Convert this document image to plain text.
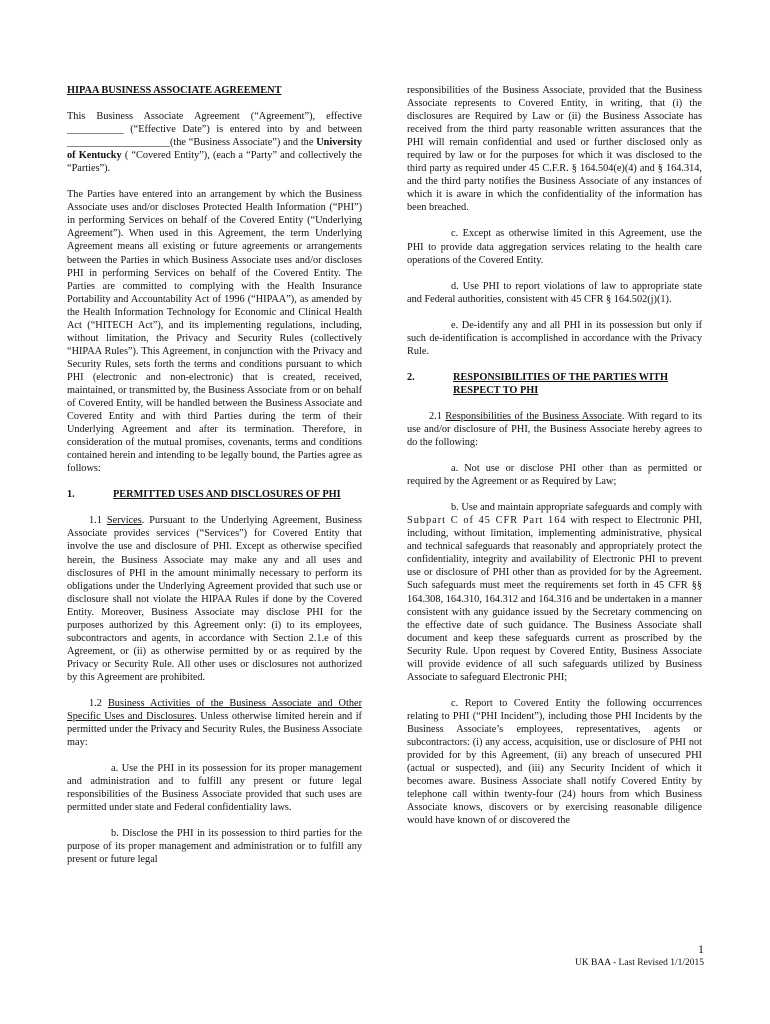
HIPAA BUSINESS ASSOCIATE AGREEMENT

This Business Associate Agreement (“Agreement”), effective ___________ (“Effective Date”) is entered into by and between ____________________(the “Business Associate”) and the University of Kentucky ( “Covered Entity”), (each a “Party” and collectively the “Parties”).

The Parties have entered into an arrangement by which the Business Associate uses and/or discloses Protected Health Information (“PHI”) in performing Services on behalf of the Covered Entity (“Underlying Agreement”). When used in this Agreement, the term Underlying Agreement means all existing or future agreements or arrangements between the Parties in which Business Associate uses and/or discloses PHI in performing Services on behalf of the Covered Entity. The Parties are committed to complying with the Health Insurance Portability and Accountability Act of 1996 (“HIPAA”), as amended by the Health Information Technology for Economic and Clinical Health Act (“HITECH Act”), and its implementing regulations, including, without limitation, the Privacy and Security Rules (collectively “HIPAA Rules”). This Agreement, in conjunction with the Privacy and Security Rules, sets forth the terms and conditions pursuant to which PHI (electronic and non-electronic) that is created, received, maintained, or transmitted by, the Business Associate from or on behalf of Covered Entity, will be handled between the Business Associate and Covered Entity and with third Parties during the term of their Underlying Agreement and after its termination. Therefore, in consideration of the mutual promises, covenants, terms and conditions contained herein and intending to be legally bound, the Parties agree as follows:

1.	PERMITTED USES AND DISCLOSURES OF PHI

1.1 Services. Pursuant to the Underlying Agreement, Business Associate provides services (“Services”) for Covered Entity that involve the use and disclosure of PHI. Except as otherwise specified herein, the Business Associate may make any and all uses and disclosures of PHI in the amount minimally necessary to perform its obligations under the Underlying Agreement provided that such use or disclosure shall not violate the HIPAA Rules if done by the Covered Entity. Moreover, Business Associate may disclose PHI for the purposes authorized by this Agreement only: (i) to its employees, subcontractors and agents, in accordance with Section 2.1.e of this Agreement, or (ii) as otherwise permitted by or as required by the Privacy or Security Rule. All other uses or disclosures not authorized by this Agreement are prohibited.

1.2 Business Activities of the Business Associate and Other Specific Uses and Disclosures. Unless otherwise limited herein and if permitted under the Privacy and Security Rules, the Business Associate may:

a. Use the PHI in its possession for its proper management and administration and to fulfill any present or future legal responsibilities of the Business Associate provided that such uses are permitted under state and Federal confidentiality laws.

b. Disclose the PHI in its possession to third parties for the purpose of its proper management and administration or to fulfill any present or future legal

responsibilities of the Business Associate, provided that the Business Associate represents to Covered Entity, in writing, that (i) the disclosures are Required by Law or (ii) the Business Associate has received from the third party reasonable written assurances that the PHI will remain confidential and used or further disclosed only as required by law or for the purposes for which it was disclosed to the third party as required under 45 C.F.R. § 164.504(e)(4) and § 164.314, and the third party notifies the Business Associate of any instances of which it is aware in which the confidentiality of the information has been breached.

c. Except as otherwise limited in this Agreement, use the PHI to provide data aggregation services relating to the health care operations of the Covered Entity.

d. Use PHI to report violations of law to appropriate state and Federal authorities, consistent with 45 CFR § 164.502(j)(1).

e. De-identify any and all PHI in its possession but only if such de-identification is accomplished in accordance with the Privacy Rule.

2.	RESPONSIBILITIES OF THE PARTIES WITH RESPECT TO PHI

2.1 Responsibilities of the Business Associate. With regard to its use and/or disclosure of PHI, the Business Associate hereby agrees to do the following:

a. Not use or disclose PHI other than as permitted or required by the Agreement or as Required by Law;

b. Use and maintain appropriate safeguards and comply with Subpart C of 45 CFR Part 164 with respect to Electronic PHI, including, without limitation, implementing administrative, physical and technical safeguards that reasonably and appropriately protect the confidentiality, integrity and availability of Electronic PHI to prevent use or disclosure of PHI other than as provided for by the Agreement. Such safeguards must meet the requirements set forth in 45 CFR §§ 164.308, 164.310, 164.312 and 164.316 and be undertaken in a manner consistent with any guidance issued by the Secretary commencing on the effective date of such guidance. The Business Associate shall document and keep these safeguards current as proscribed by the Security Rule. Upon request by Covered Entity, Business Associate will provide evidence of all such safeguards utilized by Business Associate to safeguard Electronic PHI;

c. Report to Covered Entity the following occurrences relating to PHI (“PHI Incident”), including those PHI Incidents by the Business Associate’s employees, representatives, agents or subcontractors: (i) any access, acquisition, use or disclosure of PHI not provided for by this Agreement, (ii) any breach of unsecured PHI (actual or suspected), and (iii) any Security Incident of which it becomes aware. Business Associate shall notify Covered Entity by telephone call within twenty-four (24) hours from which Business Associate knows, discovers or by exercising reasonable diligence would have known of or discovered the

1
UK BAA - Last Revised 1/1/2015
